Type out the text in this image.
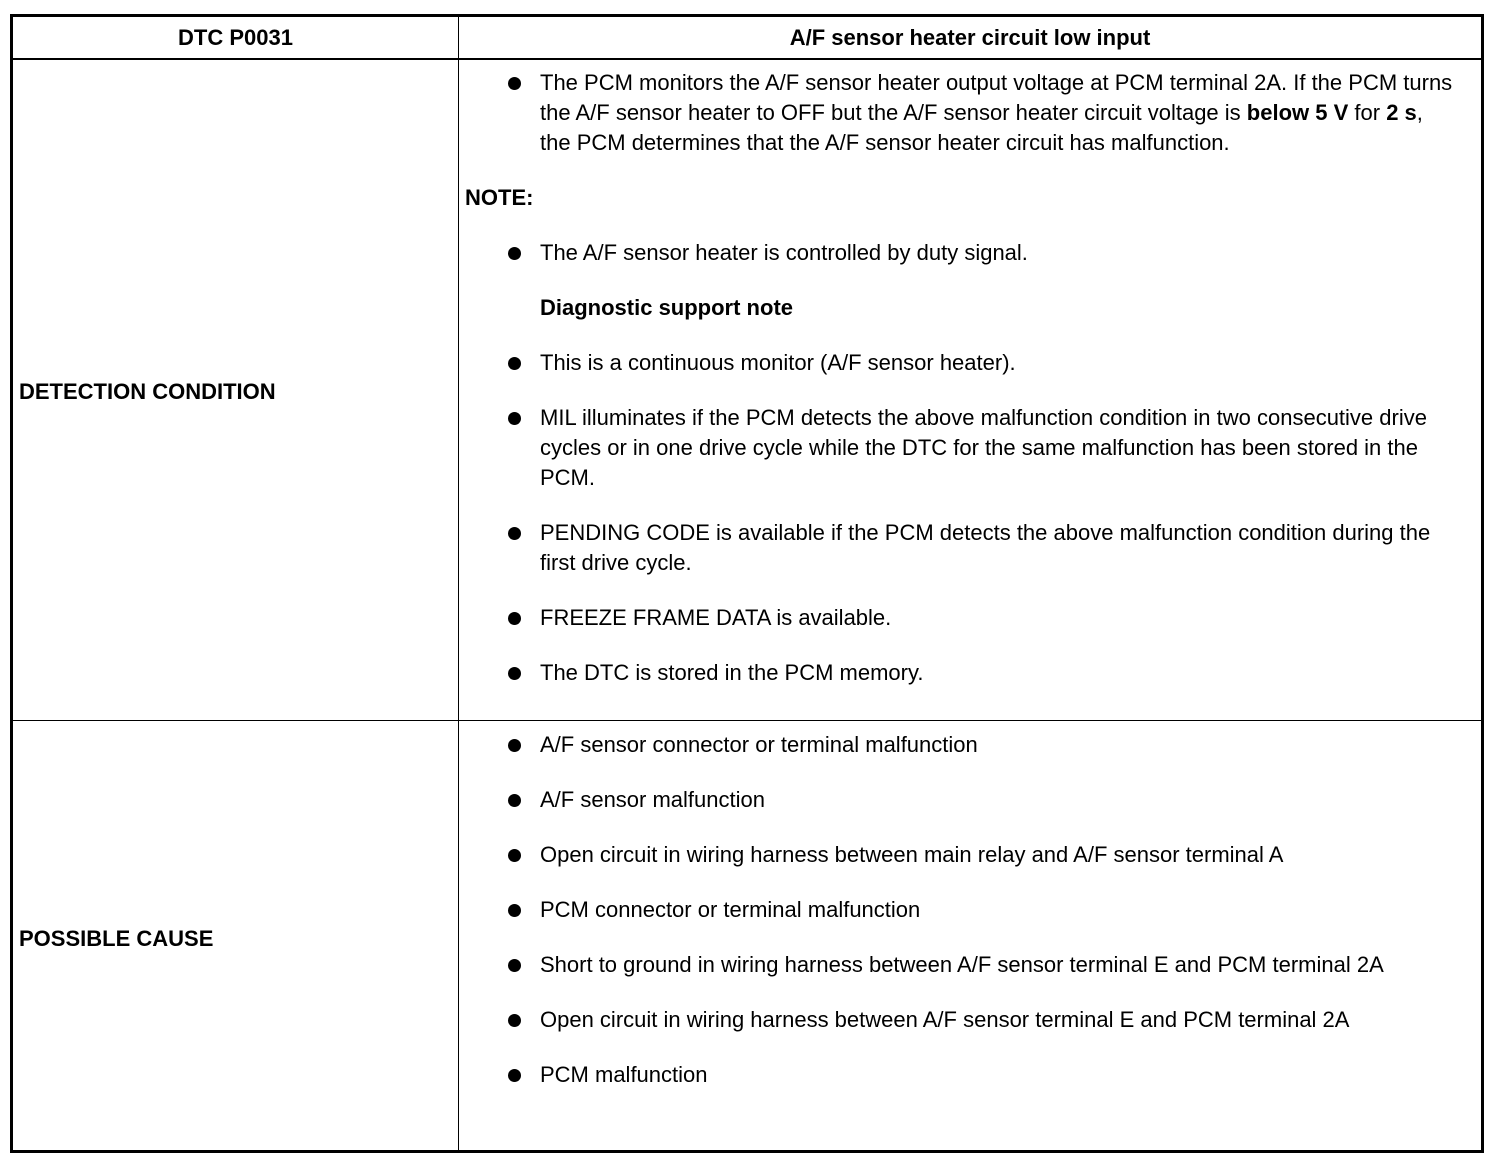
DTC P0031	A/F sensor heater circuit low input
DETECTION CONDITION
The PCM monitors the A/F sensor heater output voltage at PCM terminal 2A. If the PCM turns the A/F sensor heater to OFF but the A/F sensor heater circuit voltage is below 5 V for 2 s, the PCM determines that the A/F sensor heater circuit has malfunction.
NOTE:
The A/F sensor heater is controlled by duty signal.
Diagnostic support note
This is a continuous monitor (A/F sensor heater).
MIL illuminates if the PCM detects the above malfunction condition in two consecutive drive cycles or in one drive cycle while the DTC for the same malfunction has been stored in the PCM.
PENDING CODE is available if the PCM detects the above malfunction condition during the first drive cycle.
FREEZE FRAME DATA is available.
The DTC is stored in the PCM memory.
POSSIBLE CAUSE
A/F sensor connector or terminal malfunction
A/F sensor malfunction
Open circuit in wiring harness between main relay and A/F sensor terminal A
PCM connector or terminal malfunction
Short to ground in wiring harness between A/F sensor terminal E and PCM terminal 2A
Open circuit in wiring harness between A/F sensor terminal E and PCM terminal 2A
PCM malfunction
